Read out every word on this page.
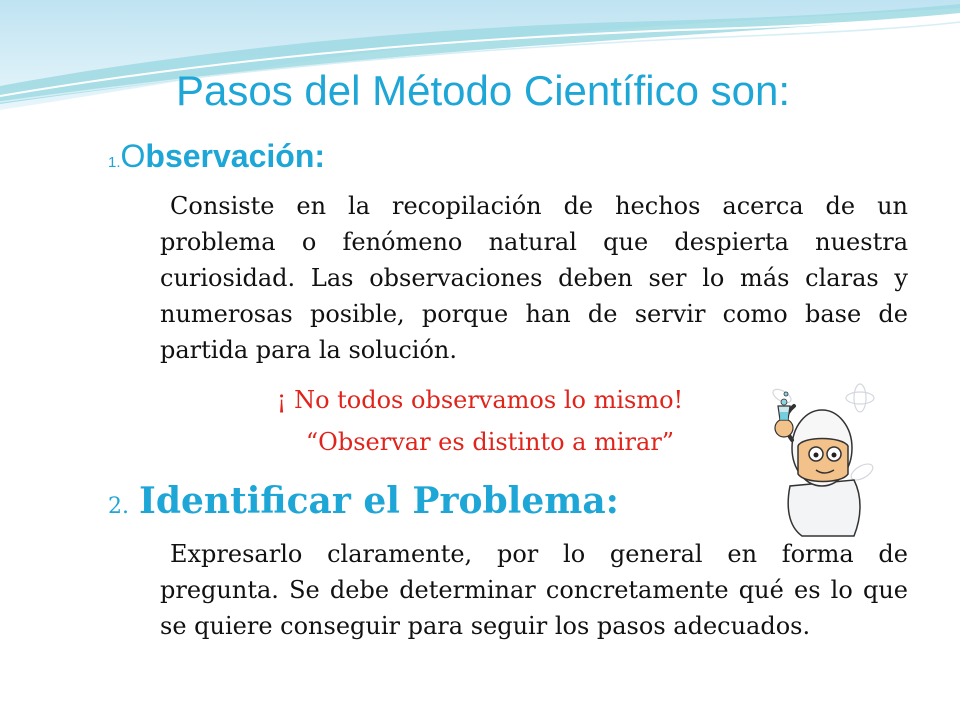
Pasos del Método Científico son:
1.Observación:
Consiste en la recopilación de hechos acerca de un problema o fenómeno natural que despierta nuestra curiosidad. Las observaciones deben ser lo más claras y numerosas posible, porque han de servir como base de partida para la solución.
¡ No todos observamos lo mismo!
“Observar es distinto a mirar”
2. Identificar el Problema:
Expresarlo claramente, por lo general en forma de pregunta. Se debe determinar concretamente qué es lo que se quiere conseguir para seguir los pasos adecuados.
